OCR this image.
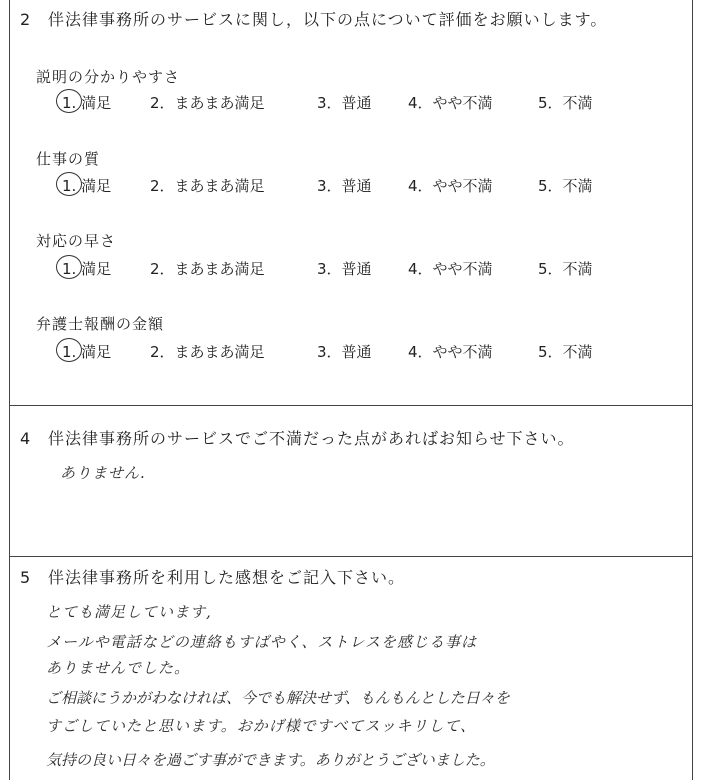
2 伴法律事務所のサービスに関し，以下の点について評価をお願いします。
説明の分かりやすさ
1. 満足	2．まあまあ満足	3．普通 4．やや不満	5．不満
仕事の質
1. 満足	2．まあまあ満足	3．普通 4．やや不満	5．不満
対応の早さ
1. 満足	2．まあまあ満足	3．普通 4．やや不満	5．不満
弁護士報酬の金額
1. 満足	2．まあまあ満足	3．普通 4．やや不満	5．不満
4 伴法律事務所のサービスでご不満だった点があればお知らせ下さい。
ありません.
5 伴法律事務所を利用した感想をご記入下さい。
とても満足しています,
メールや電話などの連絡もすばやく、ストレスを感じる事は
ありませんでした。
ご相談にうかがわなければ、今でも解決せず、もんもんとした日々を
すごしていたと思います。おかげ様ですべてスッキリして、
気持の良い日々を過ごす事ができます。ありがとうございました。
